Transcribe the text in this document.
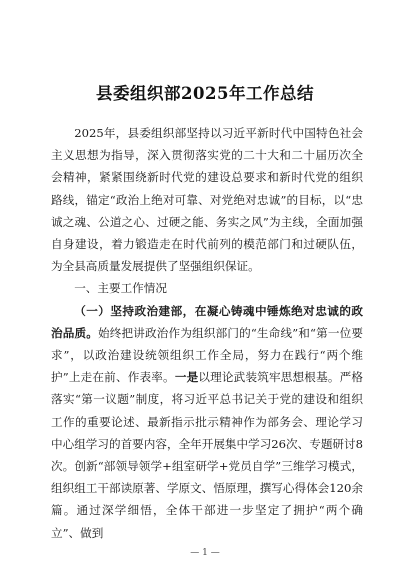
县委组织部2025年工作总结

2025年，县委组织部坚持以习近平新时代中国特色社会主义思想为指导，深入贯彻落实党的二十大和二十届历次全会精神，紧紧围绕新时代党的建设总要求和新时代党的组织路线，锚定“政治上绝对可靠、对党绝对忠诚”的目标，以“忠诚之魂、公道之心、过硬之能、务实之风”为主线，全面加强自身建设，着力锻造走在时代前列的模范部门和过硬队伍，为全县高质量发展提供了坚强组织保证。

一、主要工作情况

（一）坚持政治建部，在凝心铸魂中锤炼绝对忠诚的政治品质。始终把讲政治作为组织部门的“生命线”和“第一位要求”，以政治建设统领组织工作全局，努力在践行“两个维护”上走在前、作表率。一是以理论武装筑牢思想根基。严格落实“第一议题”制度，将习近平总书记关于党的建设和组织工作的重要论述、最新指示批示精神作为部务会、理论学习中心组学习的首要内容，全年开展集中学习26次、专题研讨8次。创新“部领导领学+组室研学+党员自学”三维学习模式，组织组工干部读原著、学原文、悟原理，撰写心得体会120余篇。通过深学细悟，全体干部进一步坚定了拥护“两个确立”、做到

— 1 —
